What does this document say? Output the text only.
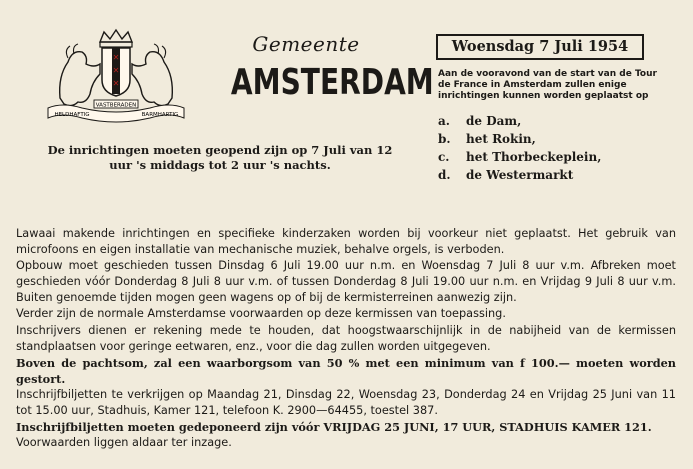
✕
✕
✕
VASTBERADEN
HELDHAFTIG	BARMHARTIG
Gemeente
AMSTERDAM
Woensdag 7 Juli 1954
Aan de vooravond van de start van de Tour de France in Amsterdam zullen enige inrichtingen kunnen worden geplaatst op
a.	de Dam,
b.	het Rokin,
c.	het Thorbeckeplein,
d.	de Westermarkt
De inrichtingen moeten geopend zijn op 7 Juli van 12 uur 's middags tot 2 uur 's nachts.

Lawaai makende inrichtingen en specifieke kinderzaken worden bij voorkeur niet geplaatst. Het gebruik van microfoons en eigen installatie van mechanische muziek, behalve orgels, is verboden.

Opbouw moet geschieden tussen Dinsdag 6 Juli 19.00 uur n.m. en Woensdag 7 Juli 8 uur v.m. Afbreken moet geschieden vóór Donderdag 8 Juli 8 uur v.m. of tussen Donderdag 8 Juli 19.00 uur n.m. en Vrijdag 9 Juli 8 uur v.m. Buiten genoemde tijden mogen geen wagens op of bij de kermisterreinen aanwezig zijn.

Verder zijn de normale Amsterdamse voorwaarden op deze kermissen van toepassing.

Inschrijvers dienen er rekening mede te houden, dat hoogstwaarschijnlijk in de nabijheid van de kermissen standplaatsen voor geringe eetwaren, enz., voor die dag zullen worden uitgegeven.

Boven de pachtsom, zal een waarborgsom van 50 % met een minimum van f 100.— moeten worden gestort.

Inschrijfbiljetten te verkrijgen op Maandag 21, Dinsdag 22, Woensdag 23, Donderdag 24 en Vrijdag 25 Juni van 11 tot 15.00 uur, Stadhuis, Kamer 121, telefoon K. 2900—64455, toestel 387.

Inschrijfbiljetten moeten gedeponeerd zijn vóór VRIJDAG 25 JUNI, 17 UUR, STADHUIS KAMER 121.

Voorwaarden liggen aldaar ter inzage.
